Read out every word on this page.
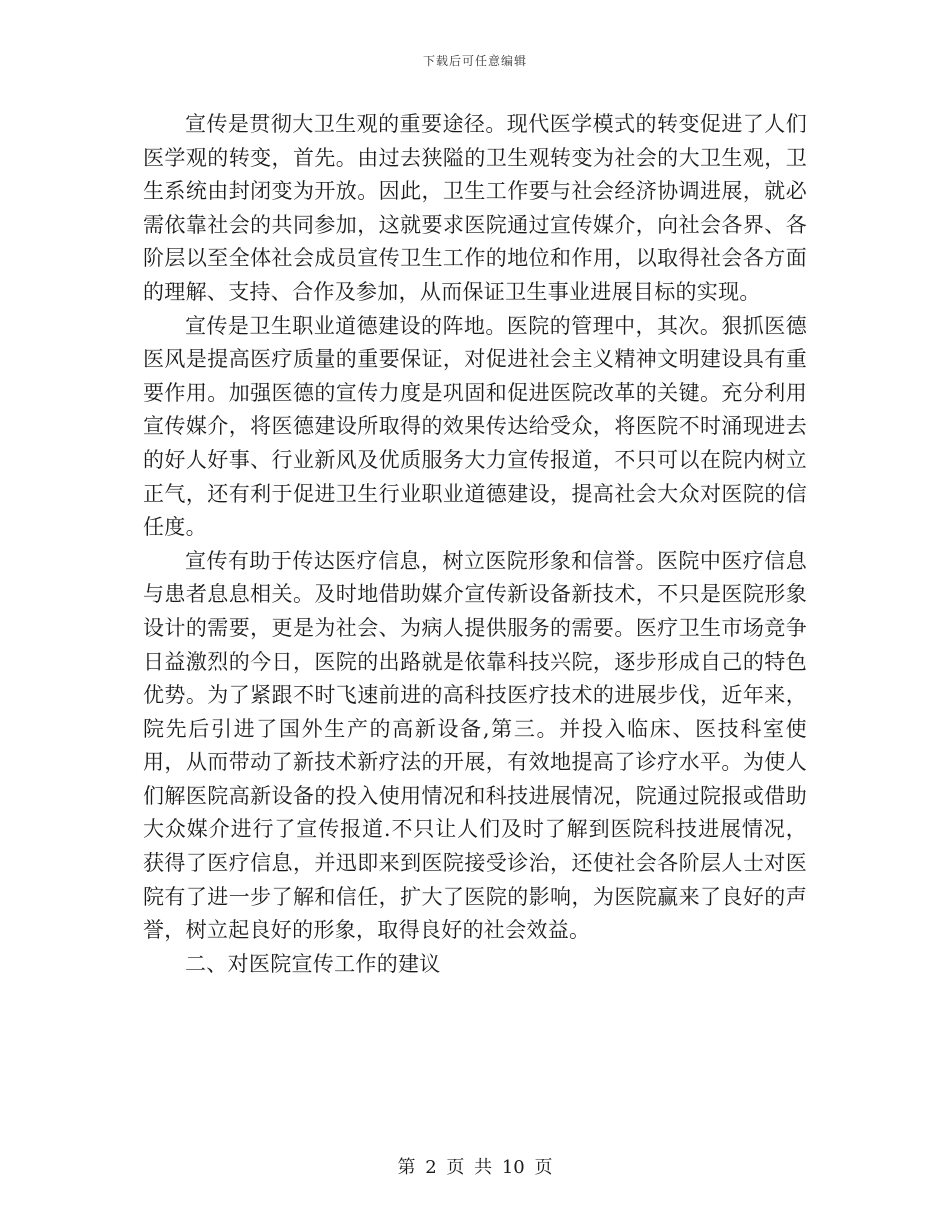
下载后可任意编辑

宣传是贯彻大卫生观的重要途径。现代医学模式的转变促进了人们医学观的转变，首先。由过去狭隘的卫生观转变为社会的大卫生观，卫生系统由封闭变为开放。因此，卫生工作要与社会经济协调进展，就必需依靠社会的共同参加，这就要求医院通过宣传媒介，向社会各界、各阶层以至全体社会成员宣传卫生工作的地位和作用，以取得社会各方面的理解、支持、合作及参加，从而保证卫生事业进展目标的实现。

宣传是卫生职业道德建设的阵地。医院的管理中，其次。狠抓医德医风是提高医疗质量的重要保证，对促进社会主义精神文明建设具有重要作用。加强医德的宣传力度是巩固和促进医院改革的关键。充分利用宣传媒介，将医德建设所取得的效果传达给受众，将医院不时涌现进去的好人好事、行业新风及优质服务大力宣传报道，不只可以在院内树立正气，还有利于促进卫生行业职业道德建设，提高社会大众对医院的信任度。

宣传有助于传达医疗信息，树立医院形象和信誉。医院中医疗信息与患者息息相关。及时地借助媒介宣传新设备新技术，不只是医院形象设计的需要，更是为社会、为病人提供服务的需要。医疗卫生市场竞争日益激烈的今日，医院的出路就是依靠科技兴院，逐步形成自己的特色优势。为了紧跟不时飞速前进的高科技医疗技术的进展步伐，近年来，院先后引进了国外生产的高新设备,第三。并投入临床、医技科室使用，从而带动了新技术新疗法的开展，有效地提高了诊疗水平。为使人们解医院高新设备的投入使用情况和科技进展情况，院通过院报或借助大众媒介进行了宣传报道.不只让人们及时了解到医院科技进展情况，获得了医疗信息，并迅即来到医院接受诊治，还使社会各阶层人士对医院有了进一步了解和信任，扩大了医院的影响，为医院赢来了良好的声誉，树立起良好的形象，取得良好的社会效益。

二、对医院宣传工作的建议

第 2 页 共 10 页
